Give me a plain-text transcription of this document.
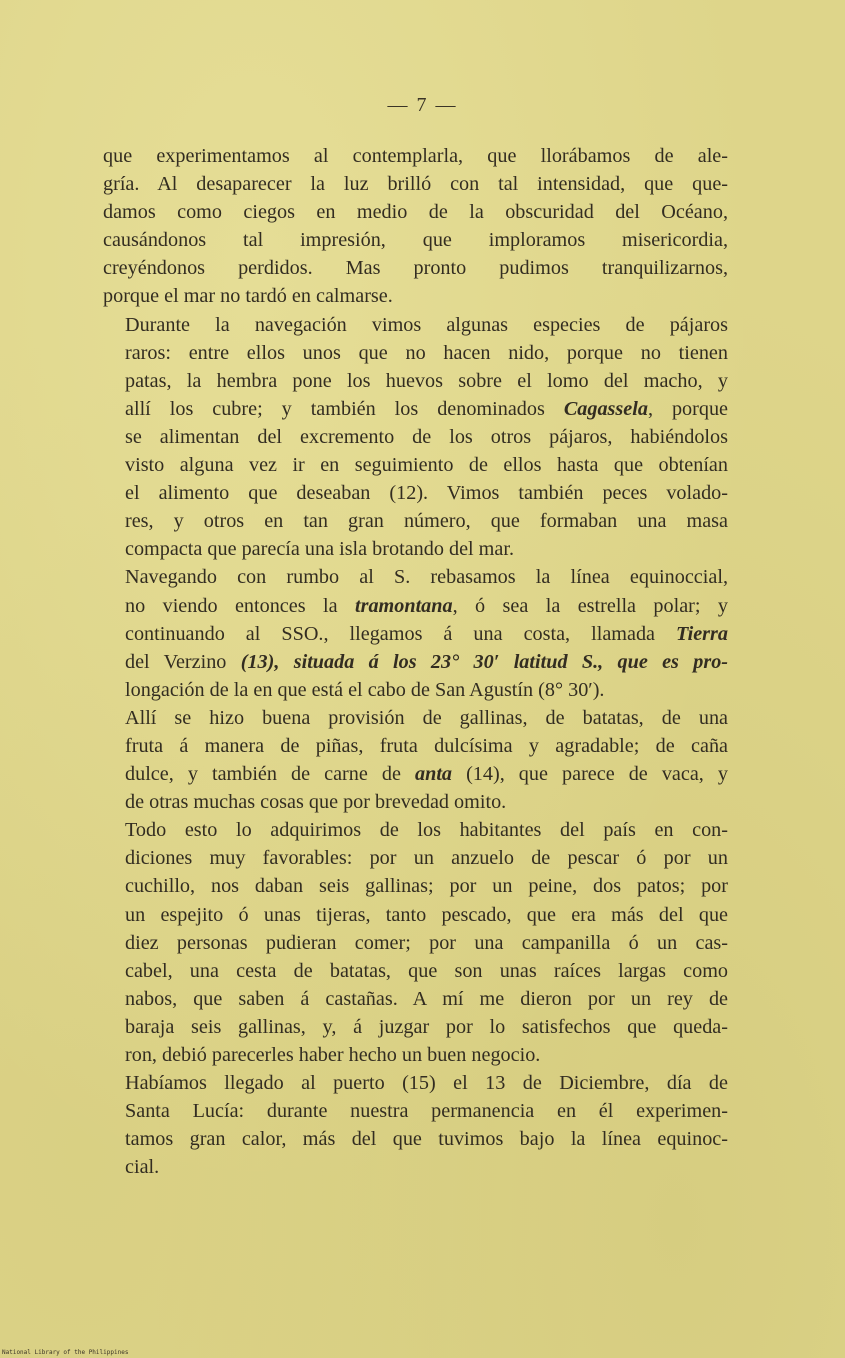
— 7 —

que experimentamos al contemplarla, que llorábamos de ale-
gría. Al desaparecer la luz brilló con tal intensidad, que que-
damos como ciegos en medio de la obscuridad del Océano,
causándonos tal impresión, que imploramos misericordia,
creyéndonos perdidos. Mas pronto pudimos tranquilizarnos,
porque el mar no tardó en calmarse.

Durante la navegación vimos algunas especies de pájaros
raros: entre ellos unos que no hacen nido, porque no tienen
patas, la hembra pone los huevos sobre el lomo del macho, y
allí los cubre; y también los denominados Cagassela, porque
se alimentan del excremento de los otros pájaros, habiéndolos
visto alguna vez ir en seguimiento de ellos hasta que obtenían
el alimento que deseaban (12). Vimos también peces volado-
res, y otros en tan gran número, que formaban una masa
compacta que parecía una isla brotando del mar.

Navegando con rumbo al S. rebasamos la línea equinoccial,
no viendo entonces la tramontana, ó sea la estrella polar; y
continuando al SSO., llegamos á una costa, llamada Tierra
del Verzino (13), situada á los 23° 30′ latitud S., que es pro-
longación de la en que está el cabo de San Agustín (8° 30′).

Allí se hizo buena provisión de gallinas, de batatas, de una
fruta á manera de piñas, fruta dulcísima y agradable; de caña
dulce, y también de carne de anta (14), que parece de vaca, y
de otras muchas cosas que por brevedad omito.

Todo esto lo adquirimos de los habitantes del país en con-
diciones muy favorables: por un anzuelo de pescar ó por un
cuchillo, nos daban seis gallinas; por un peine, dos patos; por
un espejito ó unas tijeras, tanto pescado, que era más del que
diez personas pudieran comer; por una campanilla ó un cas-
cabel, una cesta de batatas, que son unas raíces largas como
nabos, que saben á castañas. A mí me dieron por un rey de
baraja seis gallinas, y, á juzgar por lo satisfechos que queda-
ron, debió parecerles haber hecho un buen negocio.

Habíamos llegado al puerto (15) el 13 de Diciembre, día de
Santa Lucía: durante nuestra permanencia en él experimen-
tamos gran calor, más del que tuvimos bajo la línea equinoc-
cial.

National Library of the Philippines
